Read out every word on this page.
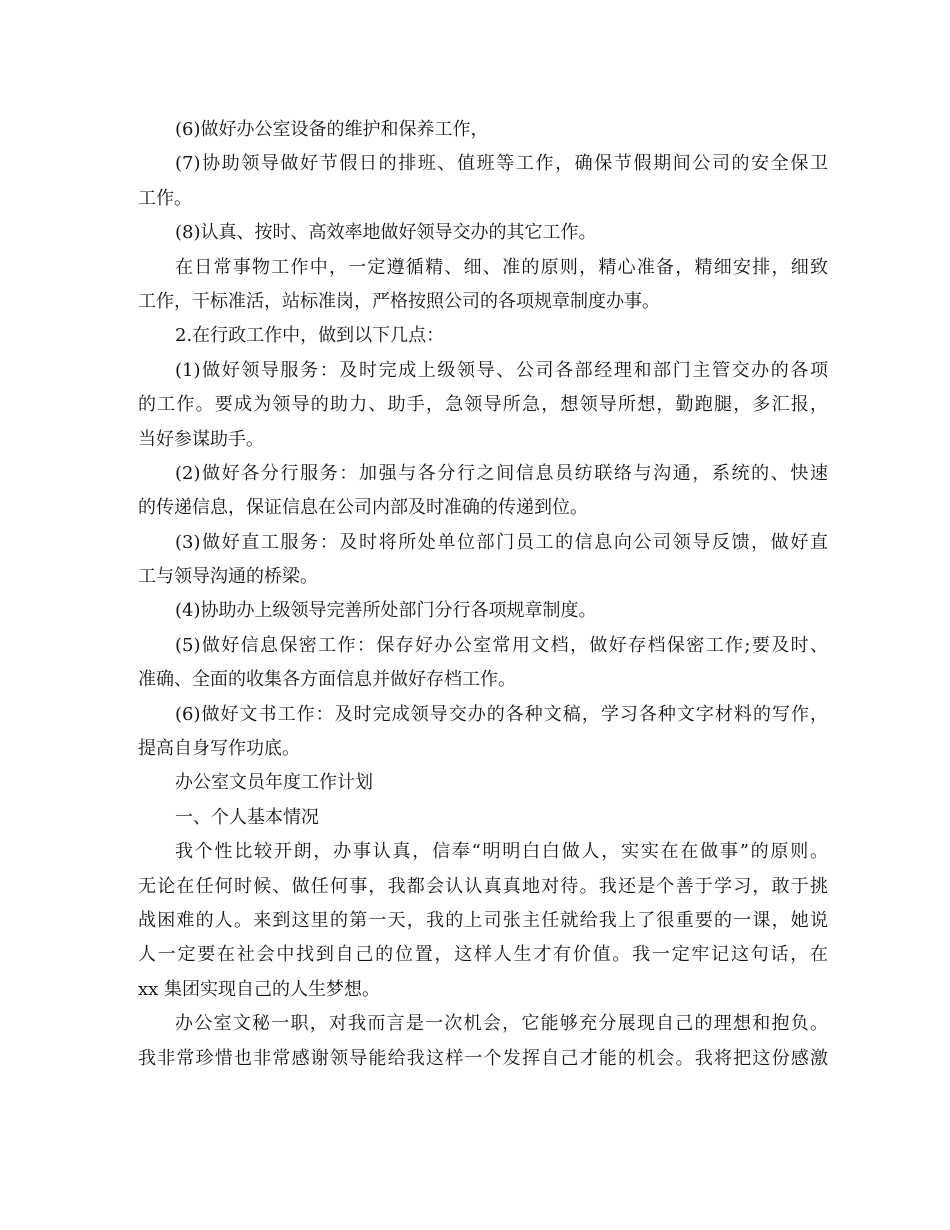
(6)做好办公室设备的维护和保养工作，
(7)协助领导做好节假日的排班、值班等工作，确保节假期间公司的安全保卫
工作。
(8)认真、按时、高效率地做好领导交办的其它工作。
在日常事物工作中，一定遵循精、细、准的原则，精心准备，精细安排，细致
工作，干标准活，站标准岗，严格按照公司的各项规章制度办事。
2.在行政工作中，做到以下几点：
(1)做好领导服务：及时完成上级领导、公司各部经理和部门主管交办的各项
的工作。要成为领导的助力、助手，急领导所急，想领导所想，勤跑腿，多汇报，
当好参谋助手。
(2)做好各分行服务：加强与各分行之间信息员纺联络与沟通，系统的、快速
的传递信息，保证信息在公司内部及时准确的传递到位。
(3)做好直工服务：及时将所处单位部门员工的信息向公司领导反馈，做好直
工与领导沟通的桥梁。
(4)协助办上级领导完善所处部门分行各项规章制度。
(5)做好信息保密工作：保存好办公室常用文档，做好存档保密工作;要及时、
准确、全面的收集各方面信息并做好存档工作。
(6)做好文书工作：及时完成领导交办的各种文稿，学习各种文字材料的写作，
提高自身写作功底。
办公室文员年度工作计划
一、个人基本情况
我个性比较开朗，办事认真，信奉“明明白白做人，实实在在做事”的原则。
无论在任何时候、做任何事，我都会认认真真地对待。我还是个善于学习，敢于挑
战困难的人。来到这里的第一天，我的上司张主任就给我上了很重要的一课，她说
人一定要在社会中找到自己的位置，这样人生才有价值。我一定牢记这句话，在
xx 集团实现自己的人生梦想。
办公室文秘一职，对我而言是一次机会，它能够充分展现自己的理想和抱负。
我非常珍惜也非常感谢领导能给我这样一个发挥自己才能的机会。我将把这份感激
